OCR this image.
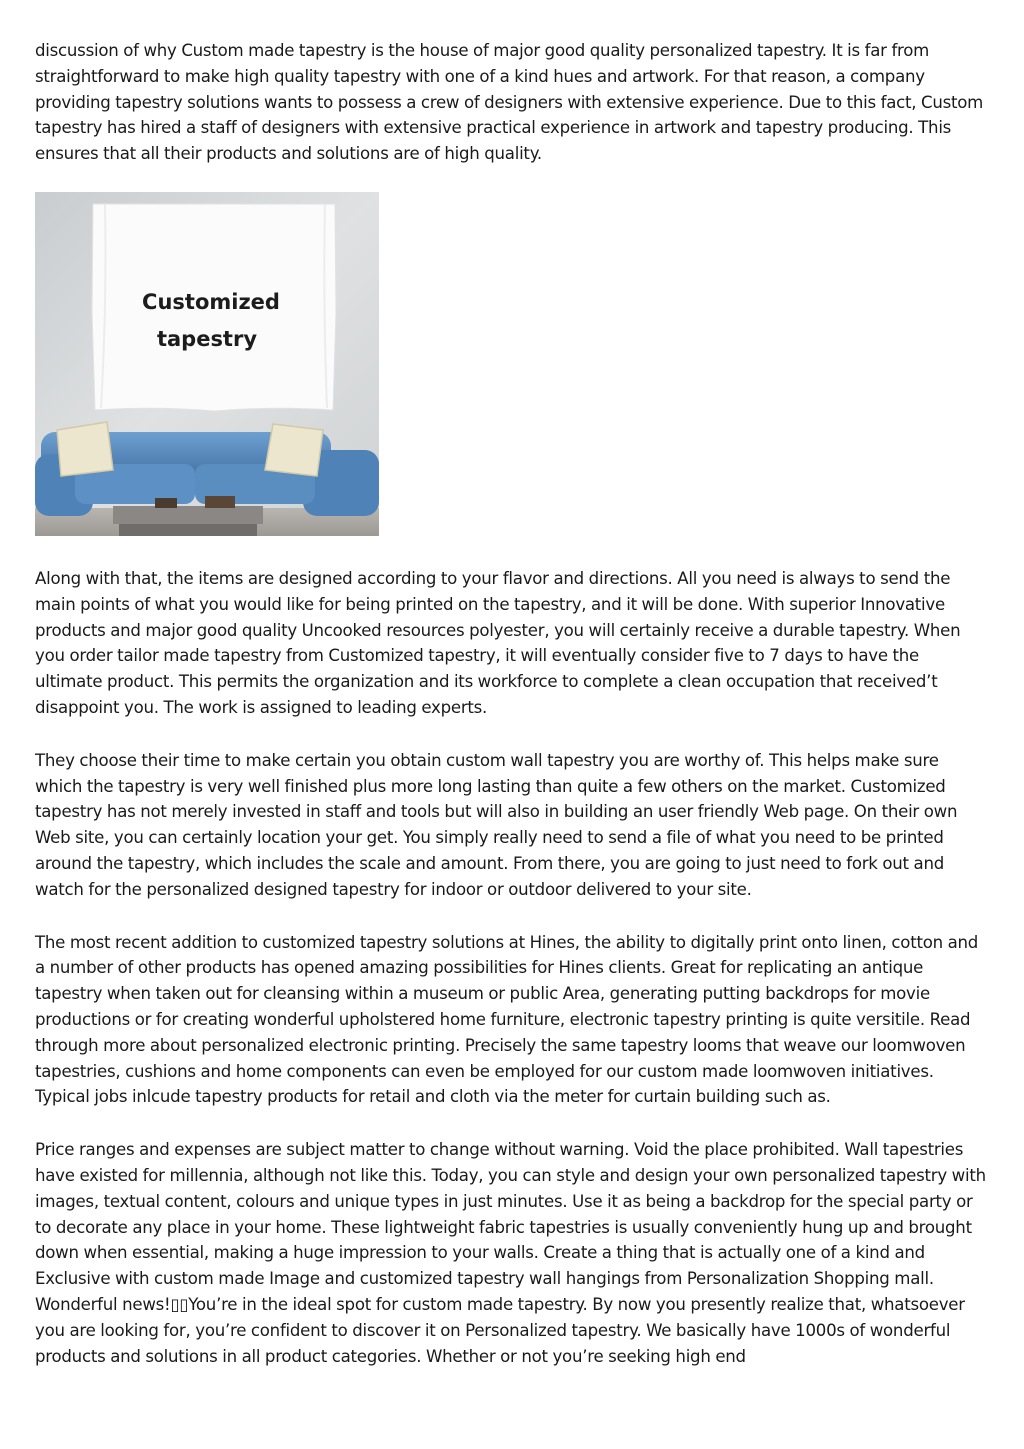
discussion of why Custom made tapestry is the house of major good quality personalized tapestry. It is far from straightforward to make high quality tapestry with one of a kind hues and artwork. For that reason, a company providing tapestry solutions wants to possess a crew of designers with extensive experience. Due to this fact, Custom tapestry has hired a staff of designers with extensive practical experience in artwork and tapestry producing. This ensures that all their products and solutions are of high quality.

Customized
tapestry

Along with that, the items are designed according to your flavor and directions. All you need is always to send the main points of what you would like for being printed on the tapestry, and it will be done. With superior Innovative products and major good quality Uncooked resources polyester, you will certainly receive a durable tapestry. When you order tailor made tapestry from Customized tapestry, it will eventually consider five to 7 days to have the ultimate product. This permits the organization and its workforce to complete a clean occupation that received’t disappoint you. The work is assigned to leading experts.

They choose their time to make certain you obtain custom wall tapestry you are worthy of. This helps make sure which the tapestry is very well finished plus more long lasting than quite a few others on the market. Customized tapestry has not merely invested in staff and tools but will also in building an user friendly Web page. On their own Web site, you can certainly location your get. You simply really need to send a file of what you need to be printed around the tapestry, which includes the scale and amount. From there, you are going to just need to fork out and watch for the personalized designed tapestry for indoor or outdoor delivered to your site.

The most recent addition to customized tapestry solutions at Hines, the ability to digitally print onto linen, cotton and a number of other products has opened amazing possibilities for Hines clients. Great for replicating an antique tapestry when taken out for cleansing within a museum or public Area, generating putting backdrops for movie productions or for creating wonderful upholstered home furniture, electronic tapestry printing is quite versitile. Read through more about personalized electronic printing. Precisely the same tapestry looms that weave our loomwoven tapestries, cushions and home components can even be employed for our custom made loomwoven initiatives. Typical jobs inlcude tapestry products for retail and cloth via the meter for curtain building such as.

Price ranges and expenses are subject matter to change without warning. Void the place prohibited. Wall tapestries have existed for millennia, although not like this. Today, you can style and design your own personalized tapestry with images, textual content, colours and unique types in just minutes. Use it as being a backdrop for the special party or to decorate any place in your home. These lightweight fabric tapestries is usually conveniently hung up and brought down when essential, making a huge impression to your walls. Create a thing that is actually one of a kind and Exclusive with custom made Image and customized tapestry wall hangings from Personalization Shopping mall. Wonderful news!▯▯You’re in the ideal spot for custom made tapestry. By now you presently realize that, whatsoever you are looking for, you’re confident to discover it on Personalized tapestry. We basically have 1000s of wonderful products and solutions in all product categories. Whether or not you’re seeking high end
